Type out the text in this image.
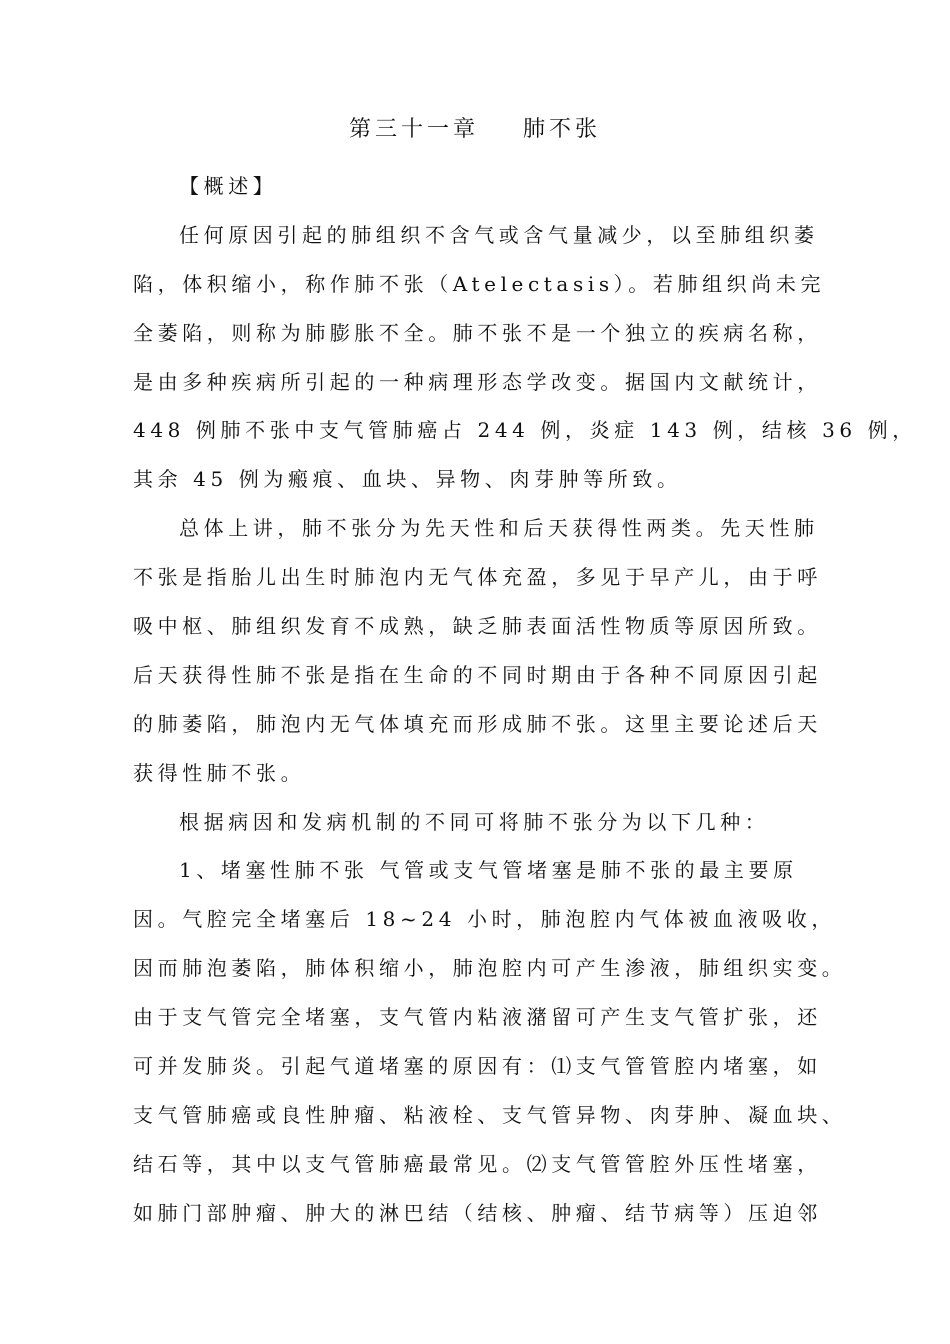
第三十一章    肺不张
【概述】
任何原因引起的肺组织不含气或含气量减少，以至肺组织萎
陷，体积缩小，称作肺不张（Atelectasis）。若肺组织尚未完
全萎陷，则称为肺膨胀不全。肺不张不是一个独立的疾病名称，
是由多种疾病所引起的一种病理形态学改变。据国内文献统计，
448 例肺不张中支气管肺癌占 244 例，炎症 143 例，结核 36 例，
其余 45 例为瘢痕、血块、异物、肉芽肿等所致。
总体上讲，肺不张分为先天性和后天获得性两类。先天性肺
不张是指胎儿出生时肺泡内无气体充盈，多见于早产儿，由于呼
吸中枢、肺组织发育不成熟，缺乏肺表面活性物质等原因所致。
后天获得性肺不张是指在生命的不同时期由于各种不同原因引起
的肺萎陷，肺泡内无气体填充而形成肺不张。这里主要论述后天
获得性肺不张。
根据病因和发病机制的不同可将肺不张分为以下几种：
1、堵塞性肺不张 气管或支气管堵塞是肺不张的最主要原
因。气腔完全堵塞后 18~24 小时，肺泡腔内气体被血液吸收，
因而肺泡萎陷，肺体积缩小，肺泡腔内可产生渗液，肺组织实变。
由于支气管完全堵塞，支气管内粘液潴留可产生支气管扩张，还
可并发肺炎。引起气道堵塞的原因有：⑴支气管管腔内堵塞，如
支气管肺癌或良性肿瘤、粘液栓、支气管异物、肉芽肿、凝血块、
结石等，其中以支气管肺癌最常见。⑵支气管管腔外压性堵塞，
如肺门部肿瘤、肿大的淋巴结（结核、肿瘤、结节病等）压迫邻
